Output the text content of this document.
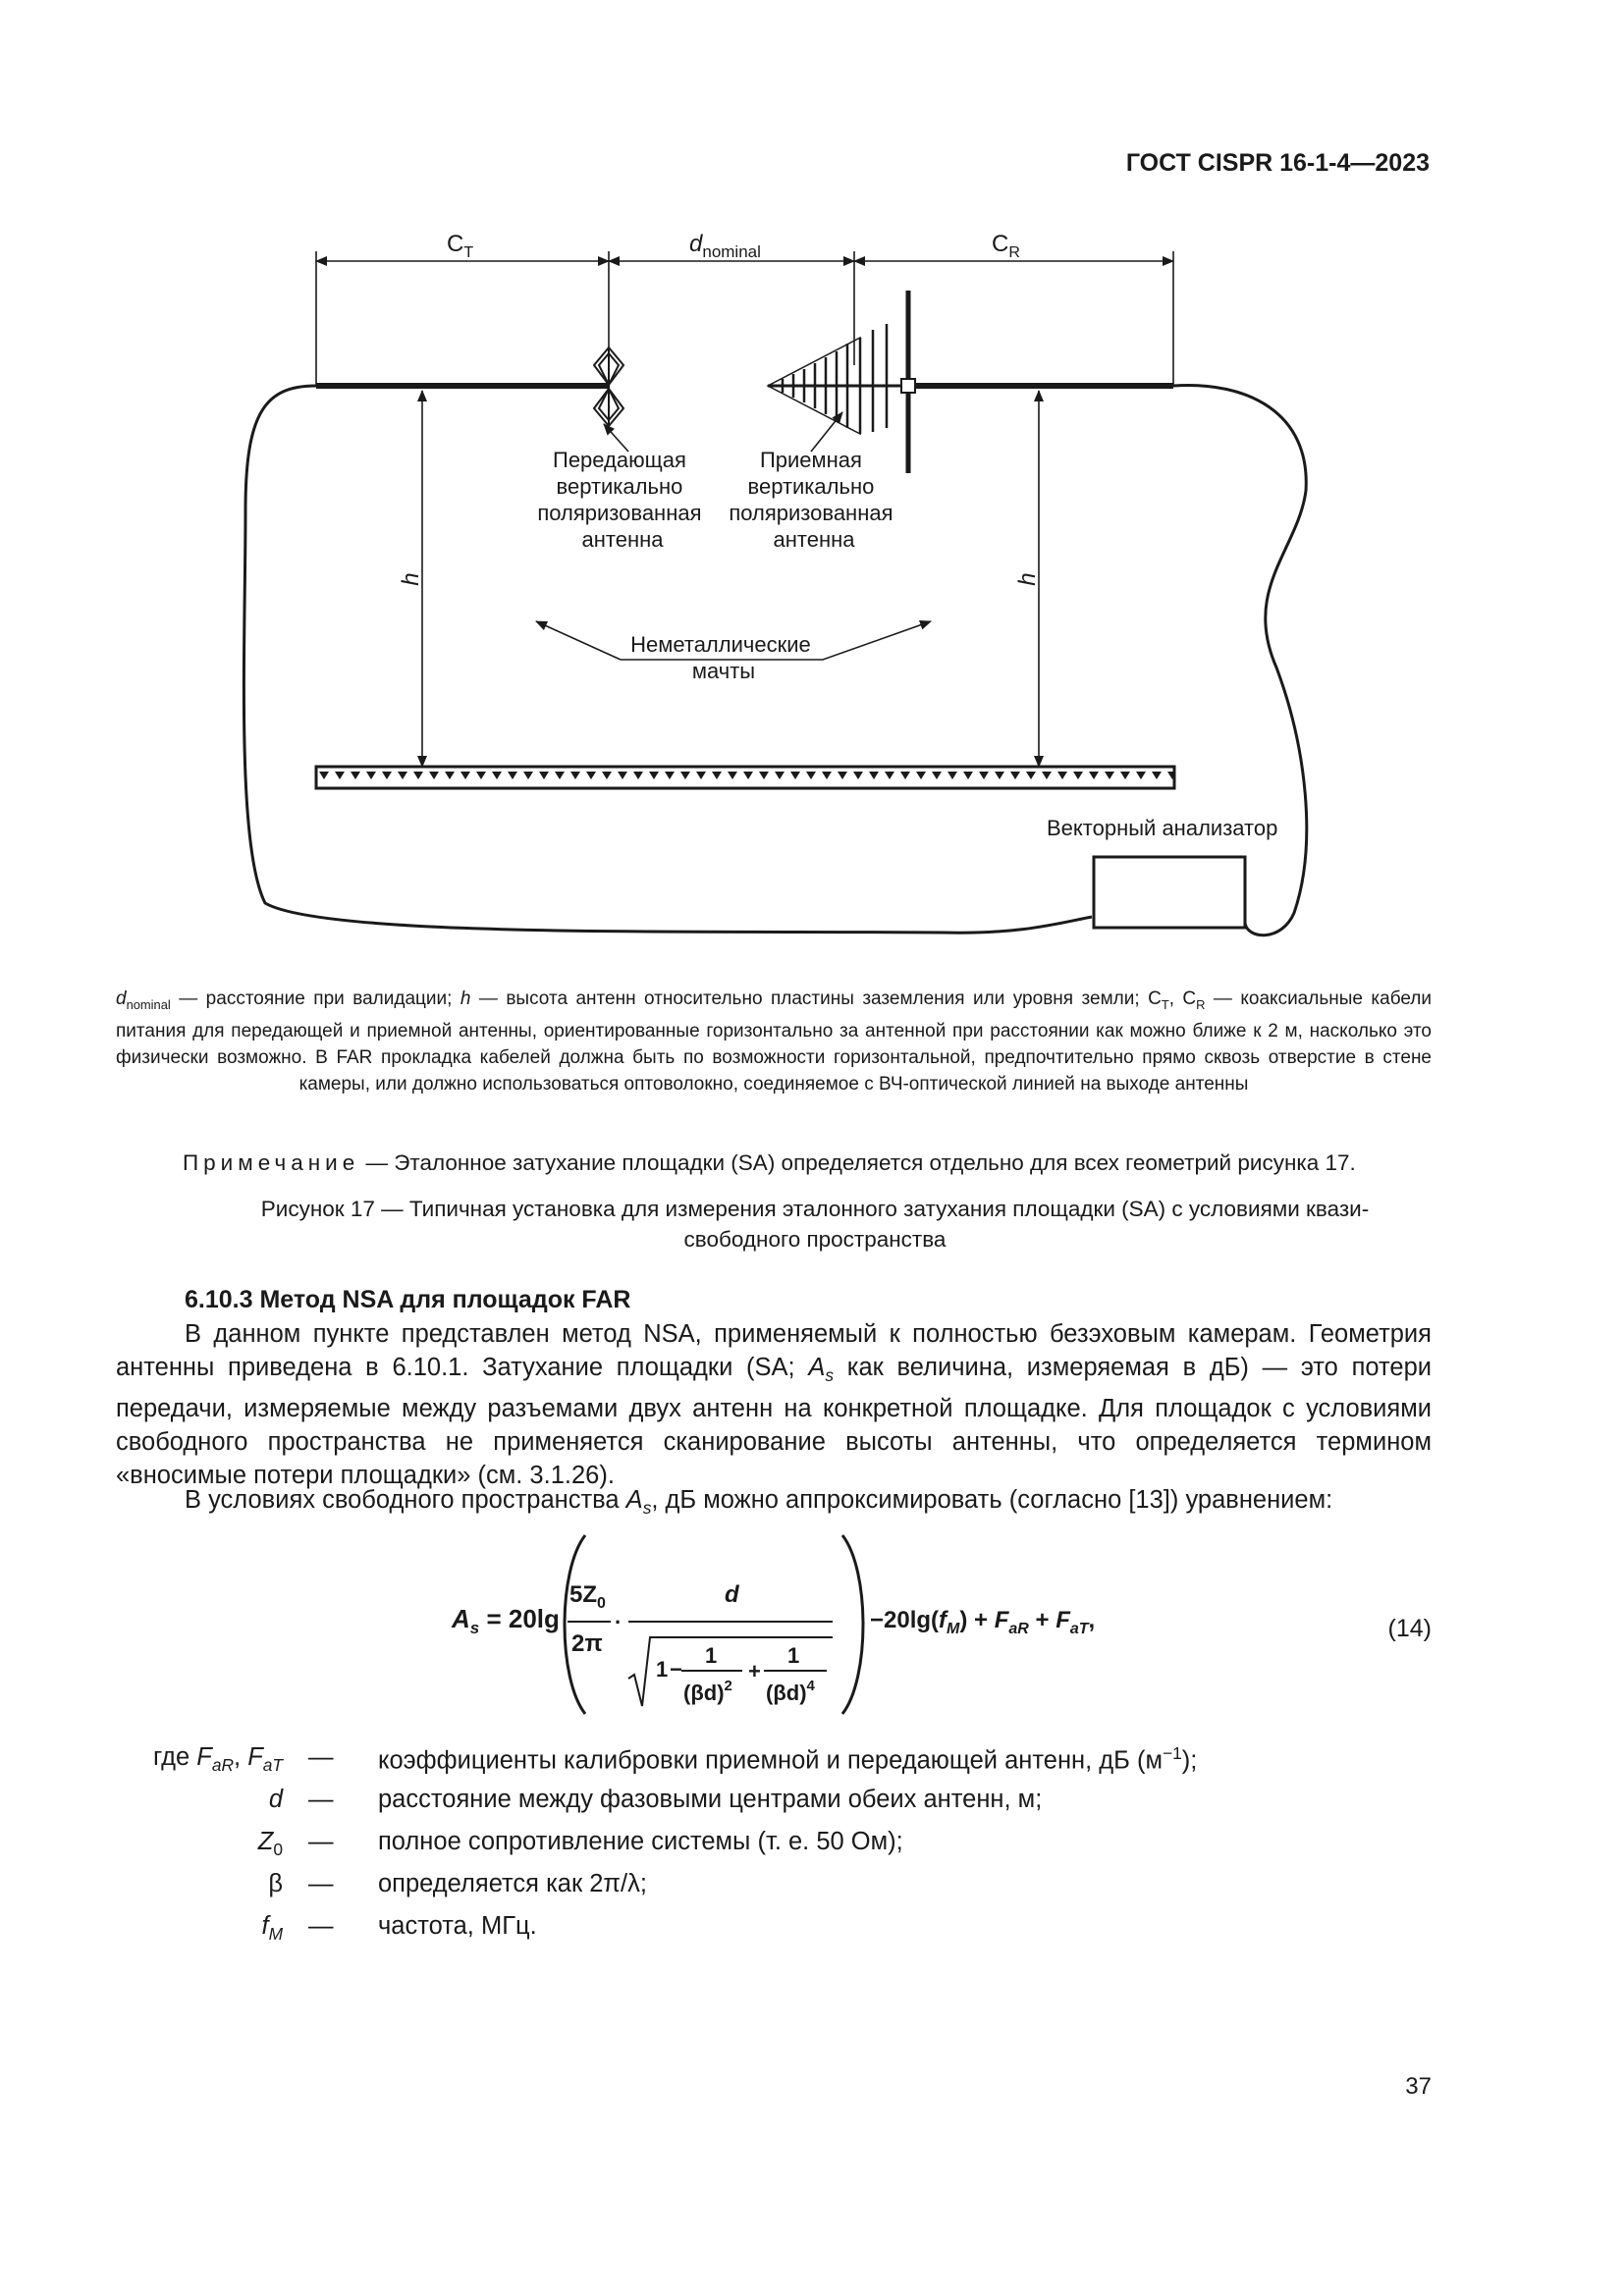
ГОСТ CISPR 16-1-4—2023
$C_T$	$d_{nominal}$	$C_R$
h	h
Передающая вертикально поляризованная антенна
Приемная вертикально поляризованная антенна
Неметаллические мачты
Векторный анализатор
$d_{nominal}$ — расстояние при валидации; h — высота антенн относительно пластины заземления или уровня земли; $C_T$, $C_R$ — коаксиальные кабели питания для передающей и приемной антенны, ориентированные горизонтально за антенной при расстоянии как можно ближе к 2 м, насколько это физически возможно. В FAR прокладка кабелей должна быть по возможности горизонтальной, предпочтительно прямо сквозь отверстие в стене камеры, или должно использоваться оптоволокно, соединяемое с ВЧ-оптической линией на выходе антенны
Примечание — Эталонное затухание площадки (SA) определяется отдельно для всех геометрий рисунка 17.
Рисунок 17 — Типичная установка для измерения эталонного затухания площадки (SA) с условиями квази-
свободного пространства
6.10.3 Метод NSA для площадок FAR
В данном пункте представлен метод NSA, применяемый к полностью безэховым камерам. Геометрия антенны приведена в 6.10.1. Затухание площадки (SA; $A_s$ как величина, измеряемая в дБ) — это потери передачи, измеряемые между разъемами двух антенн на конкретной площадке. Для площадок с условиями свободного пространства не применяется сканирование высоты антенны, что определяется термином «вносимые потери площадки» (см. 3.1.26).
В условиях свободного пространства $A_s$, дБ можно аппроксимировать (согласно [13]) уравнением:
$A_s = 20\lg$
$5Z_0$
2π
·
d
1 −
1
$(\beta d)^2$
+
1
$(\beta d)^4$
$-20\lg(f_M) + F_{aR} + F_{aT}$,	(14)
где $F_{aR}$, $F_{aT}$ — коэффициенты калибровки приемной и передающей антенн, дБ $(м^{-1})$;
d — расстояние между фазовыми центрами обеих антенн, м;
$Z_0$ — полное сопротивление системы (т. е. 50 Ом);
β — определяется как 2π/λ;
$f_M$ — частота, МГц.
37
